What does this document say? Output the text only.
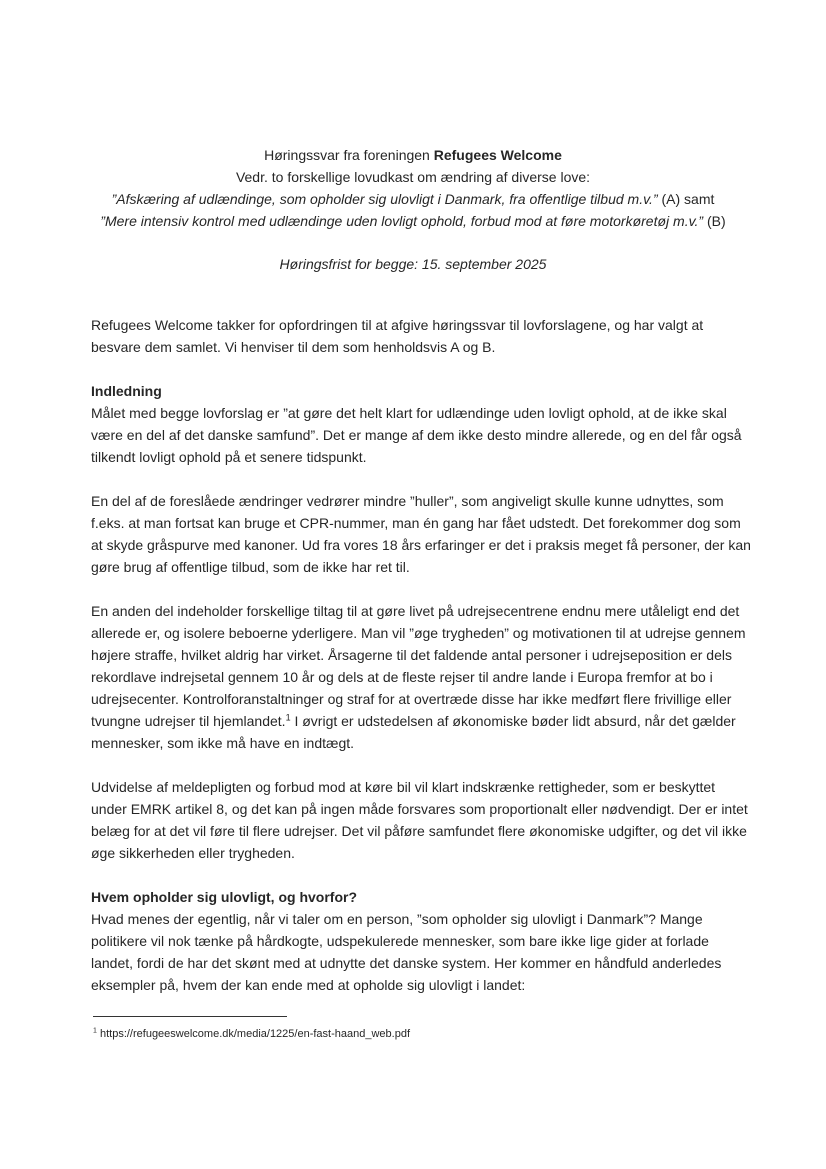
Høringssvar fra foreningen Refugees Welcome
Vedr. to forskellige lovudkast om ændring af diverse love:
”Afskæring af udlændinge, som opholder sig ulovligt i Danmark, fra offentlige tilbud m.v.” (A) samt
”Mere intensiv kontrol med udlændinge uden lovligt ophold, forbud mod at føre motorkøretøj m.v.” (B)
Høringsfrist for begge: 15. september 2025

Refugees Welcome takker for opfordringen til at afgive høringssvar til lovforslagene, og har valgt at besvare dem samlet. Vi henviser til dem som henholdsvis A og B.

Indledning

Målet med begge lovforslag er ”at gøre det helt klart for udlændinge uden lovligt ophold, at de ikke skal være en del af det danske samfund”. Det er mange af dem ikke desto mindre allerede, og en del får også tilkendt lovligt ophold på et senere tidspunkt.

En del af de foreslåede ændringer vedrører mindre ”huller”, som angiveligt skulle kunne udnyttes, som f.eks. at man fortsat kan bruge et CPR-nummer, man én gang har fået udstedt. Det forekommer dog som at skyde gråspurve med kanoner. Ud fra vores 18 års erfaringer er det i praksis meget få personer, der kan gøre brug af offentlige tilbud, som de ikke har ret til.

En anden del indeholder forskellige tiltag til at gøre livet på udrejsecentrene endnu mere utåleligt end det allerede er, og isolere beboerne yderligere. Man vil ”øge trygheden” og motivationen til at udrejse gennem højere straffe, hvilket aldrig har virket. Årsagerne til det faldende antal personer i udrejseposition er dels rekordlave indrejsetal gennem 10 år og dels at de fleste rejser til andre lande i Europa fremfor at bo i udrejsecenter. Kontrolforanstaltninger og straf for at overtræde disse har ikke medført flere frivillige eller tvungne udrejser til hjemlandet.$^1$ I øvrigt er udstedelsen af økonomiske bøder lidt absurd, når det gælder mennesker, som ikke må have en indtægt.

Udvidelse af meldepligten og forbud mod at køre bil vil klart indskrænke rettigheder, som er beskyttet under EMRK artikel 8, og det kan på ingen måde forsvares som proportionalt eller nødvendigt. Der er intet belæg for at det vil føre til flere udrejser. Det vil påføre samfundet flere økonomiske udgifter, og det vil ikke øge sikkerheden eller trygheden.

Hvem opholder sig ulovligt, og hvorfor?

Hvad menes der egentlig, når vi taler om en person, ”som opholder sig ulovligt i Danmark”? Mange politikere vil nok tænke på hårdkogte, udspekulerede mennesker, som bare ikke lige gider at forlade landet, fordi de har det skønt med at udnytte det danske system. Her kommer en håndfuld anderledes eksempler på, hvem der kan ende med at opholde sig ulovligt i landet:

$^1$ https://refugeeswelcome.dk/media/1225/en-fast-haand_web.pdf
